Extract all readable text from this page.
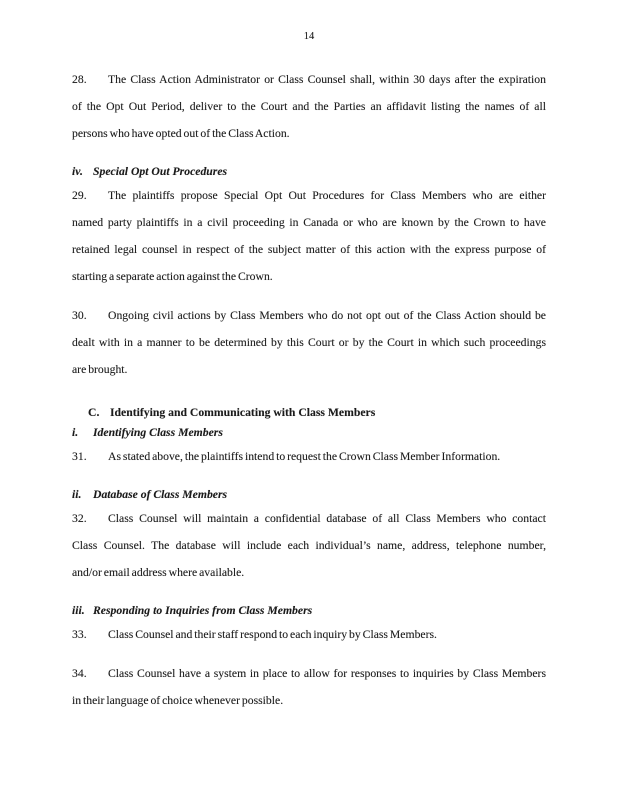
14
28. The Class Action Administrator or Class Counsel shall, within 30 days after the expiration
of the Opt Out Period, deliver to the Court and the Parties an affidavit listing the names of all
persons who have opted out of the Class Action.
iv. Special Opt Out Procedures
29. The plaintiffs propose Special Opt Out Procedures for Class Members who are either
named party plaintiffs in a civil proceeding in Canada or who are known by the Crown to have
retained legal counsel in respect of the subject matter of this action with the express purpose of
starting a separate action against the Crown.
30. Ongoing civil actions by Class Members who do not opt out of the Class Action should be
dealt with in a manner to be determined by this Court or by the Court in which such proceedings
are brought.
C. Identifying and Communicating with Class Members
i. Identifying Class Members
31. As stated above, the plaintiffs intend to request the Crown Class Member Information.
ii. Database of Class Members
32. Class Counsel will maintain a confidential database of all Class Members who contact
Class Counsel. The database will include each individual’s name, address, telephone number,
and/or email address where available.
iii. Responding to Inquiries from Class Members
33. Class Counsel and their staff respond to each inquiry by Class Members.
34. Class Counsel have a system in place to allow for responses to inquiries by Class Members
in their language of choice whenever possible.
